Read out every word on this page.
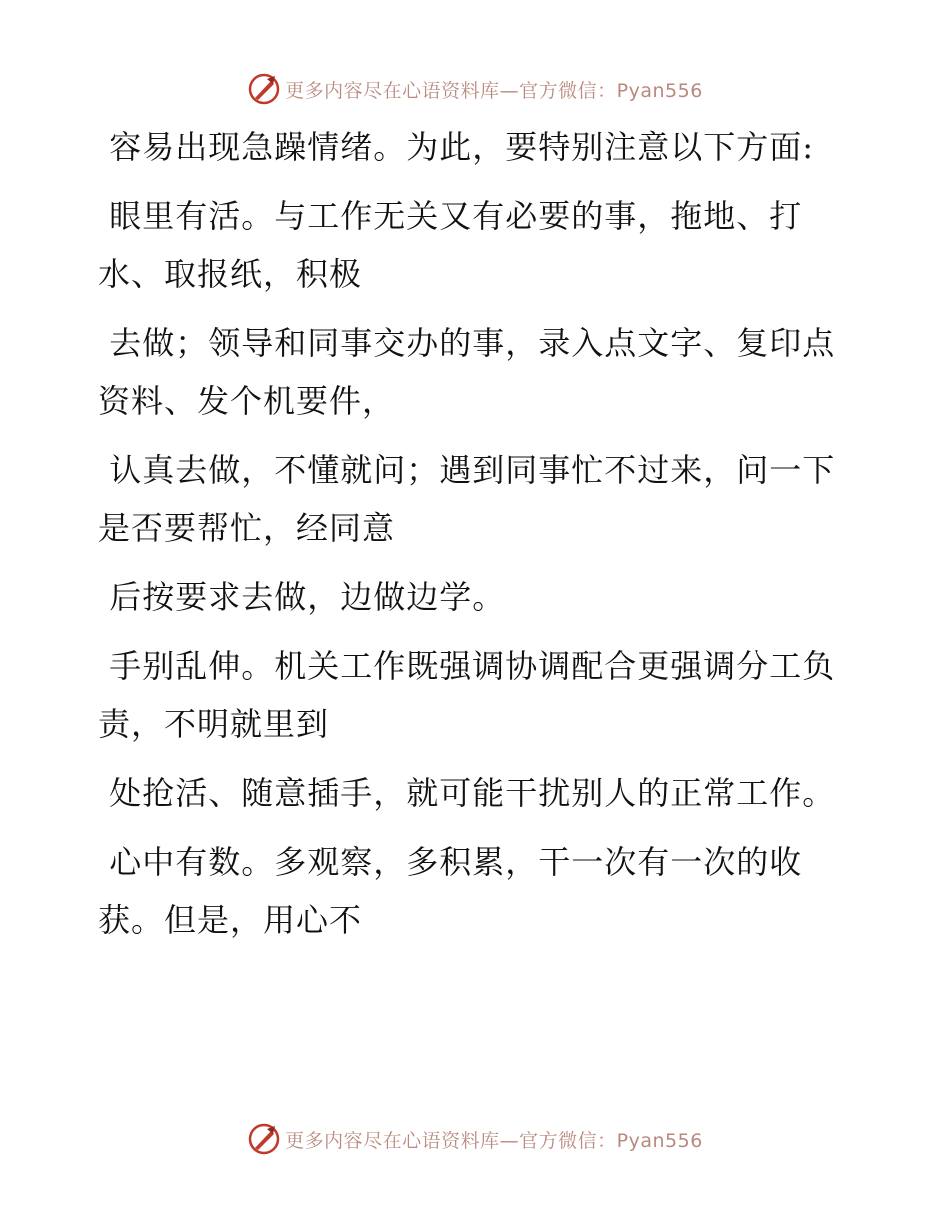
更多内容尽在心语资料库—官方微信：Pyan556

容易出现急躁情绪。为此，要特别注意以下方面:

眼里有活。与工作无关又有必要的事，拖地、打水、取报纸，积极

去做；领导和同事交办的事，录入点文字、复印点资料、发个机要件，

认真去做，不懂就问；遇到同事忙不过来，问一下是否要帮忙，经同意

后按要求去做，边做边学。

手别乱伸。机关工作既强调协调配合更强调分工负责，不明就里到

处抢活、随意插手，就可能干扰别人的正常工作。

心中有数。多观察，多积累，干一次有一次的收获。但是，用心不

更多内容尽在心语资料库—官方微信：Pyan556
